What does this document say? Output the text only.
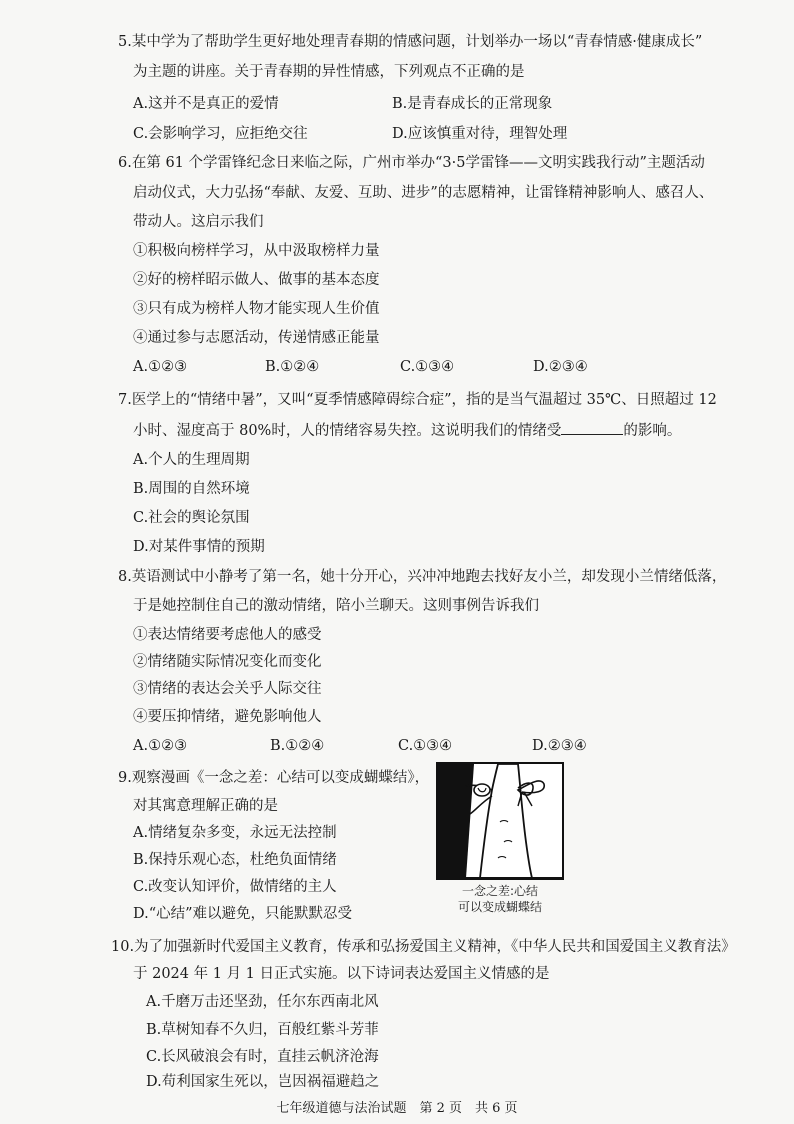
5.某中学为了帮助学生更好地处理青春期的情感问题，计划举办一场以“青春情感·健康成长”
为主题的讲座。关于青春期的异性情感，下列观点不正确的是
A.这并不是真正的爱情	B.是青春成长的正常现象
C.会影响学习，应拒绝交往	D.应该慎重对待，理智处理
6.在第 61 个学雷锋纪念日来临之际，广州市举办“3·5学雷锋——文明实践我行动”主题活动
启动仪式，大力弘扬“奉献、友爱、互助、进步”的志愿精神，让雷锋精神影响人、感召人、
带动人。这启示我们
①积极向榜样学习，从中汲取榜样力量
②好的榜样昭示做人、做事的基本态度
③只有成为榜样人物才能实现人生价值
④通过参与志愿活动，传递情感正能量
A.①②③	B.①②④	C.①③④	D.②③④
7.医学上的“情绪中暑”，又叫“夏季情感障碍综合症”，指的是当气温超过 35℃、日照超过 12
小时、湿度高于 80%时，人的情绪容易失控。这说明我们的情绪受	的影响。
A.个人的生理周期
B.周围的自然环境
C.社会的舆论氛围
D.对某件事情的预期
8.英语测试中小静考了第一名，她十分开心，兴冲冲地跑去找好友小兰，却发现小兰情绪低落，
于是她控制住自己的激动情绪，陪小兰聊天。这则事例告诉我们
①表达情绪要考虑他人的感受
②情绪随实际情况变化而变化
③情绪的表达会关乎人际交往
④要压抑情绪，避免影响他人
A.①②③	B.①②④	C.①③④	D.②③④
9.观察漫画《一念之差：心结可以变成蝴蝶结》，
对其寓意理解正确的是
A.情绪复杂多变，永远无法控制
B.保持乐观心态，杜绝负面情绪
C.改变认知评价，做情绪的主人
D.“心结”难以避免，只能默默忍受
一念之差:心结
可以变成蝴蝶结
10.为了加强新时代爱国主义教育，传承和弘扬爱国主义精神，《中华人民共和国爱国主义教育法》
于 2024 年 1 月 1 日正式实施。以下诗词表达爱国主义情感的是
A.千磨万击还坚劲，任尔东西南北风
B.草树知春不久归，百般红紫斗芳菲
C.长风破浪会有时，直挂云帆济沧海
D.苟利国家生死以，岂因祸福避趋之
七年级道德与法治试题　第 2 页　共 6 页
